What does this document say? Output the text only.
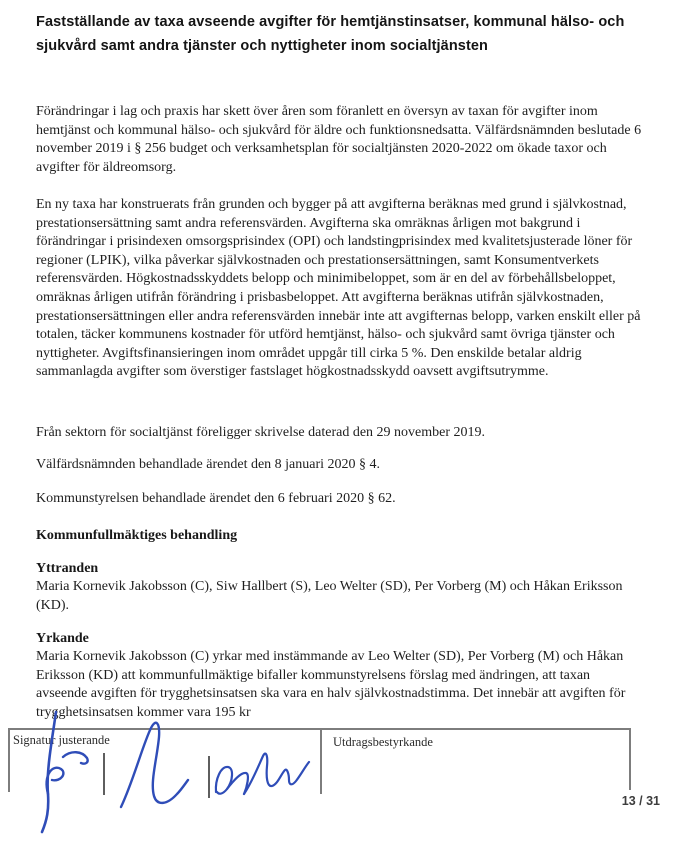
Fastställande av taxa avseende avgifter för hemtjänstinsatser, kommunal hälso- och sjukvård samt andra tjänster och nyttigheter inom socialtjänsten

Förändringar i lag och praxis har skett över åren som föranlett en översyn av taxan för avgifter inom hemtjänst och kommunal hälso- och sjukvård för äldre och funktionsnedsatta. Välfärdsnämnden beslutade 6 november 2019 i § 256 budget och verksamhetsplan för socialtjänsten 2020-2022 om ökade taxor och avgifter för äldreomsorg.

En ny taxa har konstruerats från grunden och bygger på att avgifterna beräknas med grund i självkostnad, prestationsersättning samt andra referensvärden. Avgifterna ska omräknas årligen mot bakgrund i förändringar i prisindexen omsorgsprisindex (OPI) och landstingprisindex med kvalitetsjusterade löner för regioner (LPIK), vilka påverkar självkostnaden och prestationsersättningen, samt Konsumentverkets referensvärden. Högkostnadsskyddets belopp och minimibeloppet, som är en del av förbehållsbeloppet, omräknas årligen utifrån förändring i prisbasbeloppet. Att avgifterna beräknas utifrån självkostnaden, prestationsersättningen eller andra referensvärden innebär inte att avgifternas belopp, varken enskilt eller på totalen, täcker kommunens kostnader för utförd hemtjänst, hälso- och sjukvård samt övriga tjänster och nyttigheter. Avgiftsfinansieringen inom området uppgår till cirka 5 %. Den enskilde betalar aldrig sammanlagda avgifter som överstiger fastslaget högkostnadsskydd oavsett avgiftsutrymme.

Från sektorn för socialtjänst föreligger skrivelse daterad den 29 november 2019.

Välfärdsnämnden behandlade ärendet den 8 januari 2020 § 4.

Kommunstyrelsen behandlade ärendet den 6 februari 2020 § 62.

Kommunfullmäktiges behandling
Yttranden

Maria Kornevik Jakobsson (C), Siw Hallbert (S), Leo Welter (SD), Per Vorberg (M) och Håkan Eriksson (KD).

Yrkande

Maria Kornevik Jakobsson (C) yrkar med instämmande av Leo Welter (SD), Per Vorberg (M) och Håkan Eriksson (KD) att kommunfullmäktige bifaller kommunstyrelsens förslag med ändringen, att taxan avseende avgiften för trygghetsinsatsen ska vara en halv självkostnadstimma. Det innebär att avgiften för trygghetsinsatsen kommer vara 195 kr

Signatur justerande	Utdragsbestyrkande
13 / 31
